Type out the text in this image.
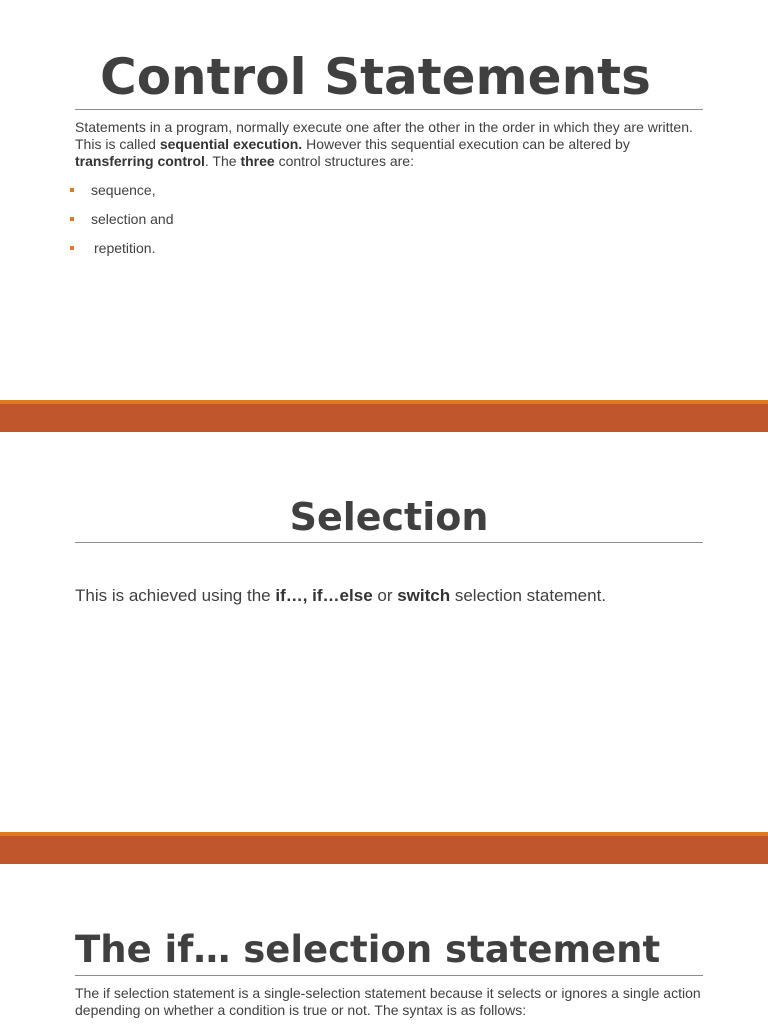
Control Statements
Statements in a program, normally execute one after the other in the order in which they are written. This is called sequential execution. However this sequential execution can be altered by transferring control. The three control structures are:
sequence,
selection and
repetition.
Selection
This is achieved using the if…, if…else or switch selection statement.
The if… selection statement
The if selection statement is a single-selection statement because it selects or ignores a single action depending on whether a condition is true or not. The syntax is as follows:
